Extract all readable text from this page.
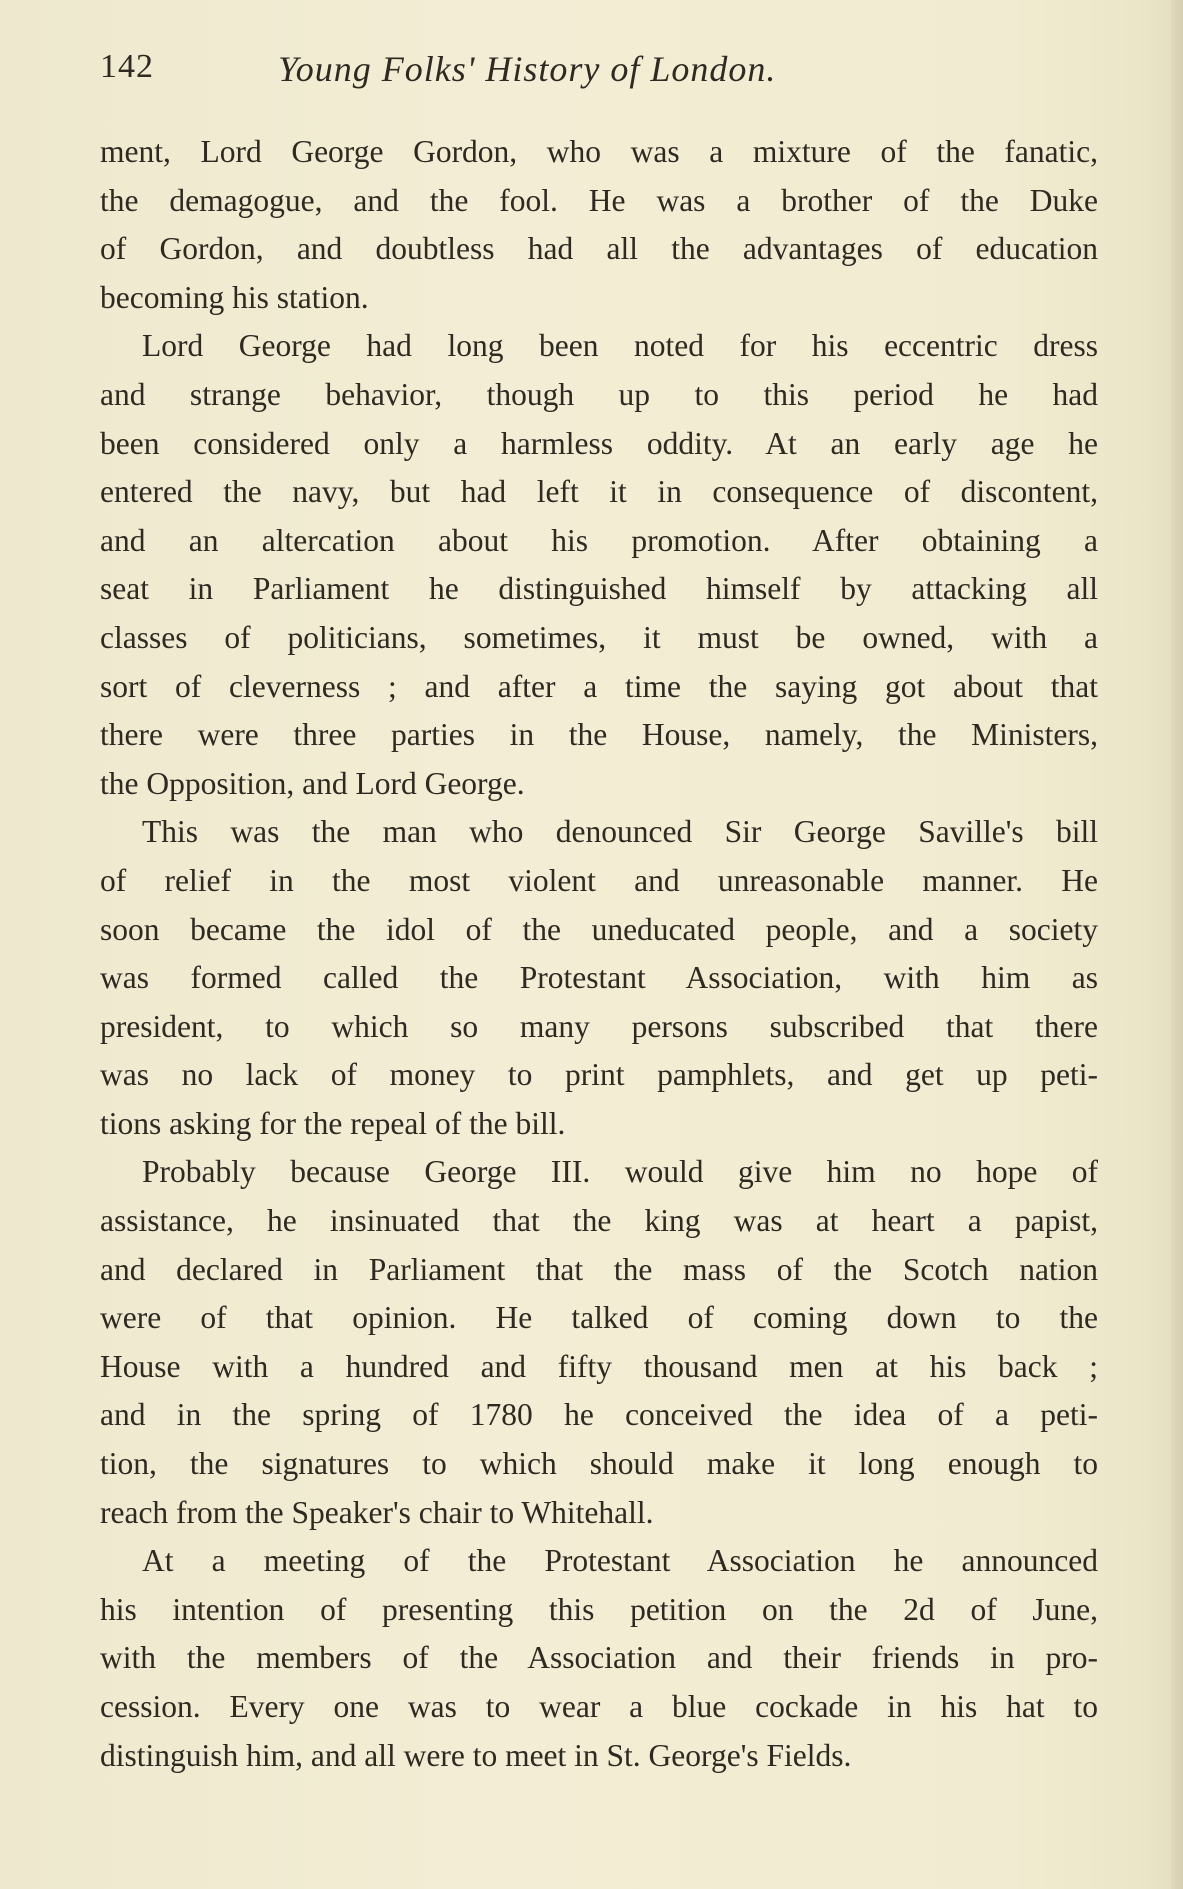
142	Young Folks' History of London.
ment, Lord George Gordon, who was a mixture of the fanatic,
the demagogue, and the fool. He was a brother of the Duke
of Gordon, and doubtless had all the advantages of education
becoming his station.
Lord George had long been noted for his eccentric dress
and strange behavior, though up to this period he had
been considered only a harmless oddity. At an early age he
entered the navy, but had left it in consequence of discontent,
and an altercation about his promotion. After obtaining a
seat in Parliament he distinguished himself by attacking all
classes of politicians, sometimes, it must be owned, with a
sort of cleverness ; and after a time the saying got about that
there were three parties in the House, namely, the Ministers,
the Opposition, and Lord George.
This was the man who denounced Sir George Saville's bill
of relief in the most violent and unreasonable manner. He
soon became the idol of the uneducated people, and a society
was formed called the Protestant Association, with him as
president, to which so many persons subscribed that there
was no lack of money to print pamphlets, and get up peti-
tions asking for the repeal of the bill.
Probably because George III. would give him no hope of
assistance, he insinuated that the king was at heart a papist,
and declared in Parliament that the mass of the Scotch nation
were of that opinion. He talked of coming down to the
House with a hundred and fifty thousand men at his back ;
and in the spring of 1780 he conceived the idea of a peti-
tion, the signatures to which should make it long enough to
reach from the Speaker's chair to Whitehall.
At a meeting of the Protestant Association he announced
his intention of presenting this petition on the 2d of June,
with the members of the Association and their friends in pro-
cession. Every one was to wear a blue cockade in his hat to
distinguish him, and all were to meet in St. George's Fields.
